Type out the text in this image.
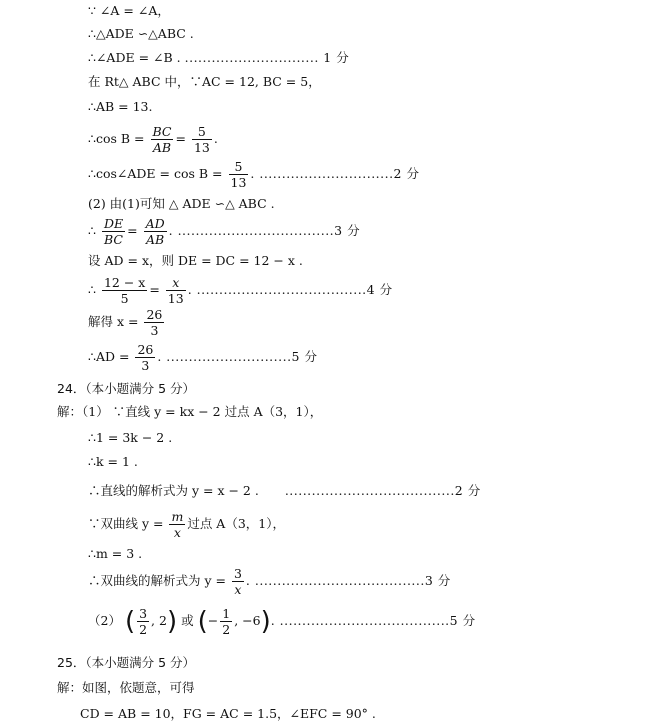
∵ ∠A = ∠A，
∴△ADE ∽△ABC .
∴∠ADE = ∠B . .............................. 1 分
在 Rt△ ABC 中，∵AC = 12, BC = 5，
∴AB = 13.
∴cos $B = \frac{BC}{AB} = \frac{5}{13}$ .
∴cos∠ADE = $\cos B = \frac{5}{13}$ . ..............................2 分
(2) 由(1)可知 △ ADE ∽△ ABC .
∴ $\frac{DE}{BC} = \frac{AD}{AB}$ . ...................................3 分
设 AD = x，则 DE = DC = 12 − x .
∴ $\frac{12 - x}{5} = \frac{x}{13}$ . ......................................4 分
解得 $x = \frac{26}{3}$
∴AD = $\frac{26}{3}$ . ............................5 分
24．（本小题满分 5 分）
解：（1） ∵直线 y = kx − 2 过点 A（3，1），
∴1 = 3k − 2 .
∴k = 1 .
∴直线的解析式为 y = x − 2 . ......................................2 分
∵双曲线 $y = \frac{m}{x}$ 过点 A（3，1），
∴m = 3 .
∴双曲线的解析式为 $y = \frac{3}{x}$ . ......................................3 分
（2） ( $\frac{3}{2}$ , 2) 或 (− $\frac{1}{2}$ , −6). ......................................5 分
25．（本小题满分 5 分）
解：如图，依题意，可得
CD = AB = 10，FG = AC = 1.5，∠EFC = 90° .
